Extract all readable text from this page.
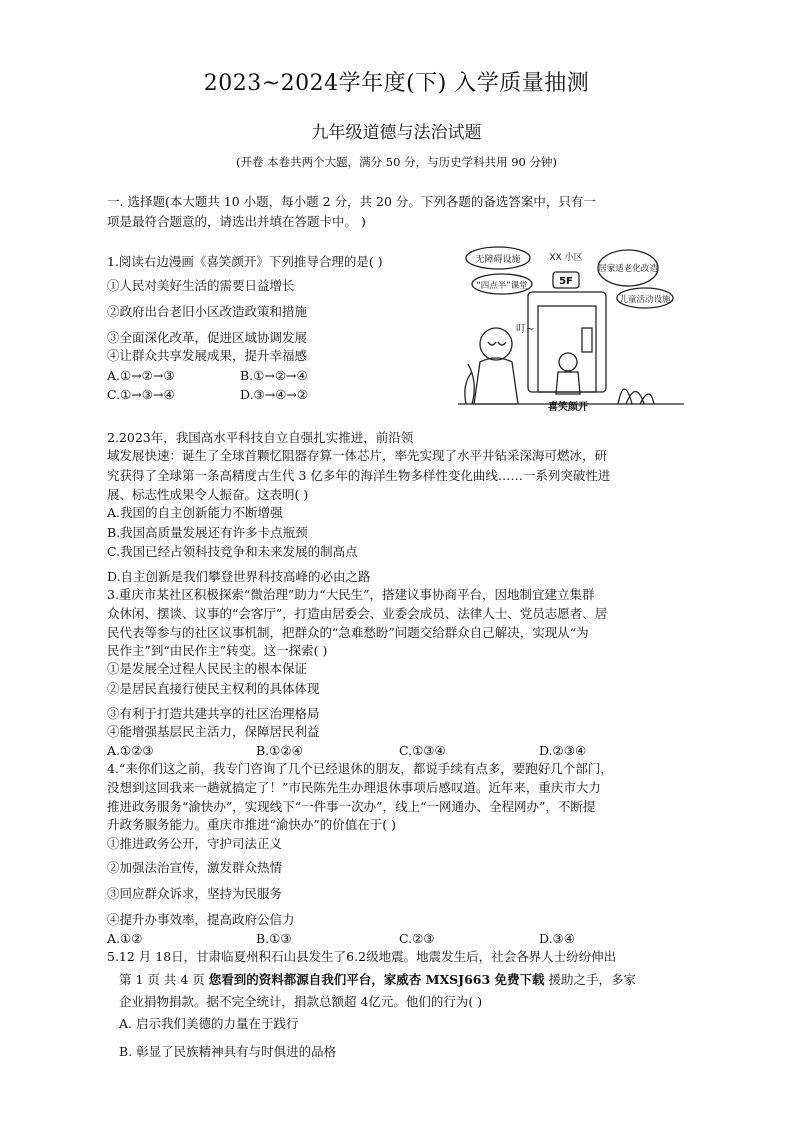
2023~2024学年度(下) 入学质量抽测
九年级道德与法治试题
(开卷 本卷共两个大题，满分 50 分，与历史学科共用 90 分钟)
一. 选择题(本大题共 10 小题，每小题 2 分，共 20 分。下列各题的备选答案中，只有一
项是最符合题意的，请选出并填在答题卡中。 )
1.阅读右边漫画《喜笑颜开》下列推导合理的是( )
①人民对美好生活的需要日益增长
②政府出台老旧小区改造政策和措施
③全面深化改革，促进区域协调发展
④让群众共享发展成果，提升幸福感
A.①→②→③	B.①→②→④
C.①→③→④	D.③→④→②
无障碍设施	XX 小区
居家适老化改造
“四点半”课堂
儿童活动设施
5F
叮~
喜笑颜开
2.2023年，我国高水平科技自立自强扎实推进，前沿领
域发展快速：诞生了全球首颗忆阻器存算一体芯片，率先实现了水平井钻采深海可燃冰，研
究获得了全球第一条高精度古生代 3 亿多年的海洋生物多样性变化曲线……一系列突破性进
展、标志性成果令人振奋。这表明( )
A.我国的自主创新能力不断增强
B.我国高质量发展还有许多卡点瓶颈
C.我国已经占领科技竞争和未来发展的制高点
D.自主创新是我们攀登世界科技高峰的必由之路
3.重庆市某社区积极探索“微治理”助力“大民生”，搭建议事协商平台，因地制宜建立集群
众休闲、摆谈、议事的“会客厅”，打造由居委会、业委会成员、法律人士、党员志愿者、居
民代表等参与的社区议事机制，把群众的“急难愁盼”问题交给群众自己解决，实现从“为
民作主”到“由民作主”转变。这一探索( )
①是发展全过程人民民主的根本保证
②是居民直接行使民主权利的具体体现
③有利于打造共建共享的社区治理格局
④能增强基层民主活力，保障居民利益
A.①②③	B.①②④	C.①③④	D.②③④
4.“来你们这之前，我专门咨询了几个已经退休的朋友，都说手续有点多，要跑好几个部门，
没想到这回我来一趟就搞定了！”市民陈先生办理退休事项后感叹道。近年来，重庆市大力
推进政务服务“渝快办”，实现线下“一件事一次办”，线上“一网通办、全程网办”，不断提
升政务服务能力。重庆市推进“渝快办”的价值在于( )
①推进政务公开，守护司法正义
②加强法治宣传，激发群众热情
③回应群众诉求，坚持为民服务
④提升办事效率，提高政府公信力
A.①②	B.①③	C.②③	D.③④
5.12 月 18日，甘肃临夏州积石山县发生了6.2级地震。地震发生后，社会各界人士纷纷伸出
第 1 页 共 4 页 您看到的资料都源自我们平台，家威杏 MXSJ663 免费下载 援助之手，多家
企业捐物捐款。据不完全统计，捐款总额超 4亿元。他们的行为( )
A. 启示我们美德的力量在于践行
B. 彰显了民族精神具有与时俱进的品格
